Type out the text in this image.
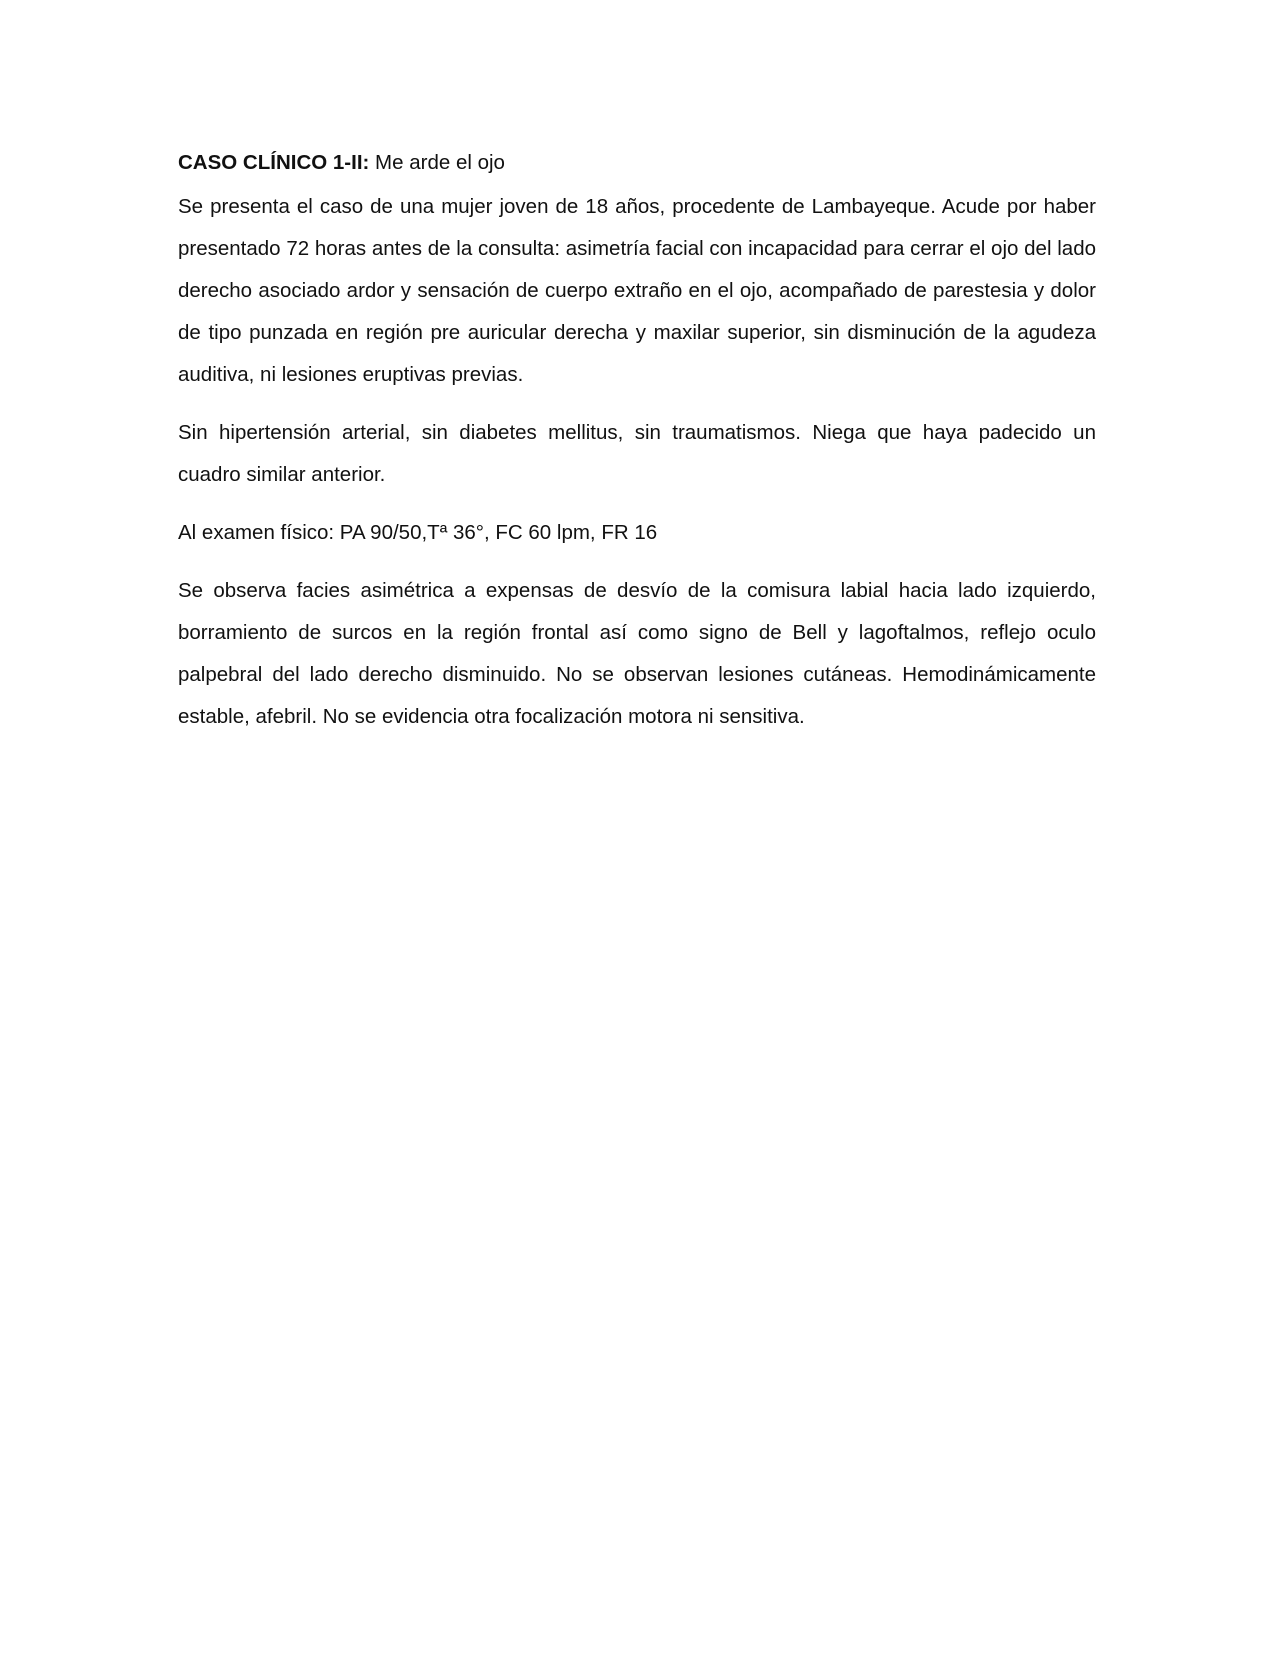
CASO CLÍNICO 1-II: Me arde el ojo

Se presenta el caso de una mujer joven de 18 años, procedente de Lambayeque. Acude por haber presentado 72 horas antes de la consulta: asimetría facial con incapacidad para cerrar el ojo del lado derecho asociado ardor y sensación de cuerpo extraño en el ojo, acompañado de parestesia y dolor de tipo punzada en región pre auricular derecha y maxilar superior, sin disminución de la agudeza auditiva, ni lesiones eruptivas previas.

Sin hipertensión arterial, sin diabetes mellitus, sin traumatismos. Niega que haya padecido un cuadro similar anterior.

Al examen físico: PA 90/50,Tª 36°, FC 60 lpm, FR 16

Se observa facies asimétrica a expensas de desvío de la comisura labial hacia lado izquierdo, borramiento de surcos en la región frontal así como signo de Bell y lagoftalmos, reflejo oculo palpebral del lado derecho disminuido. No se observan lesiones cutáneas. Hemodinámicamente estable, afebril. No se evidencia otra focalización motora ni sensitiva.
